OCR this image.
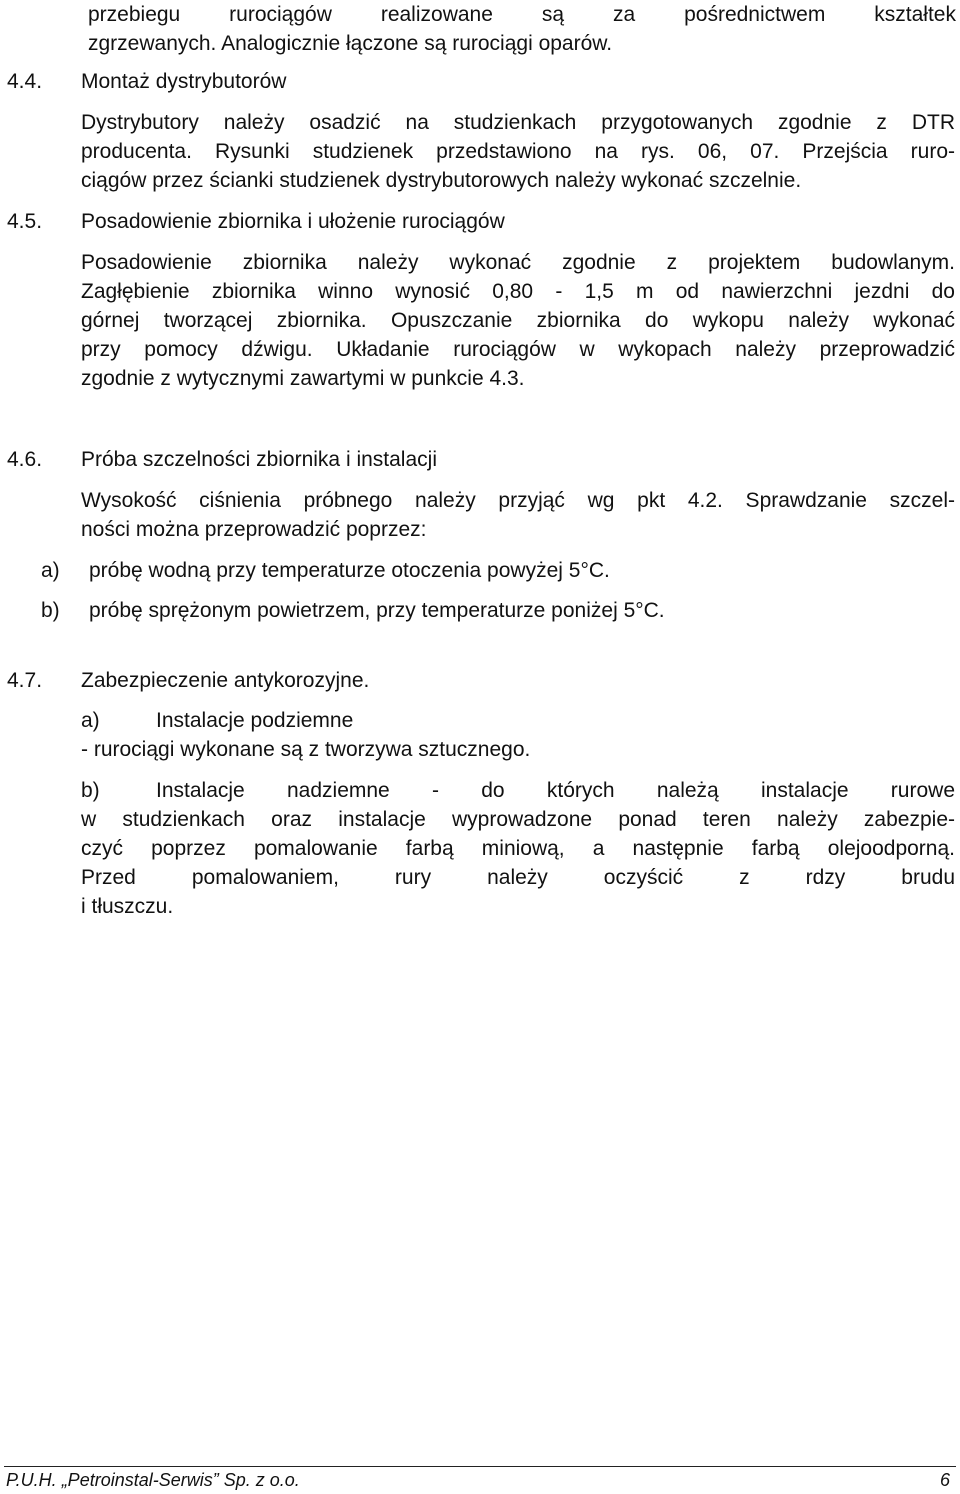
przebiegu rurociągów realizowane są za pośrednictwem kształtek
zgrzewanych. Analogicznie łączone są rurociągi oparów.
4.4. Montaż dystrybutorów
Dystrybutory należy osadzić na studzienkach przygotowanych zgodnie z DTR
producenta. Rysunki studzienek przedstawiono na rys. 06, 07. Przejścia ruro-
ciągów przez ścianki studzienek dystrybutorowych należy wykonać szczelnie.
4.5. Posadowienie zbiornika i ułożenie rurociągów
Posadowienie zbiornika należy wykonać zgodnie z projektem budowlanym.
Zagłębienie zbiornika winno wynosić 0,80 - 1,5 m od nawierzchni jezdni do
górnej tworzącej zbiornika. Opuszczanie zbiornika do wykopu należy wykonać
przy pomocy dźwigu. Układanie rurociągów w wykopach należy przeprowadzić
zgodnie z wytycznymi zawartymi w punkcie 4.3.
4.6. Próba szczelności zbiornika i instalacji
Wysokość ciśnienia próbnego należy przyjąć wg pkt 4.2. Sprawdzanie szczel-
ności można przeprowadzić poprzez:
a) próbę wodną przy temperaturze otoczenia powyżej 5°C.
b) próbę sprężonym powietrzem, przy temperaturze poniżej 5°C.
4.7. Zabezpieczenie antykorozyjne.
a)	Instalacje podziemne
- rurociągi wykonane są z tworzywa sztucznego.
b)	Instalacje nadziemne - do których należą instalacje rurowe
w studzienkach oraz instalacje wyprowadzone ponad teren należy zabezpie-
czyć poprzez pomalowanie farbą miniową, a następnie farbą olejoodporną.
Przed pomalowaniem, rury należy oczyścić z rdzy brudu
i tłuszczu.
P.U.H. „Petroinstal-Serwis” Sp. z o.o.	6
